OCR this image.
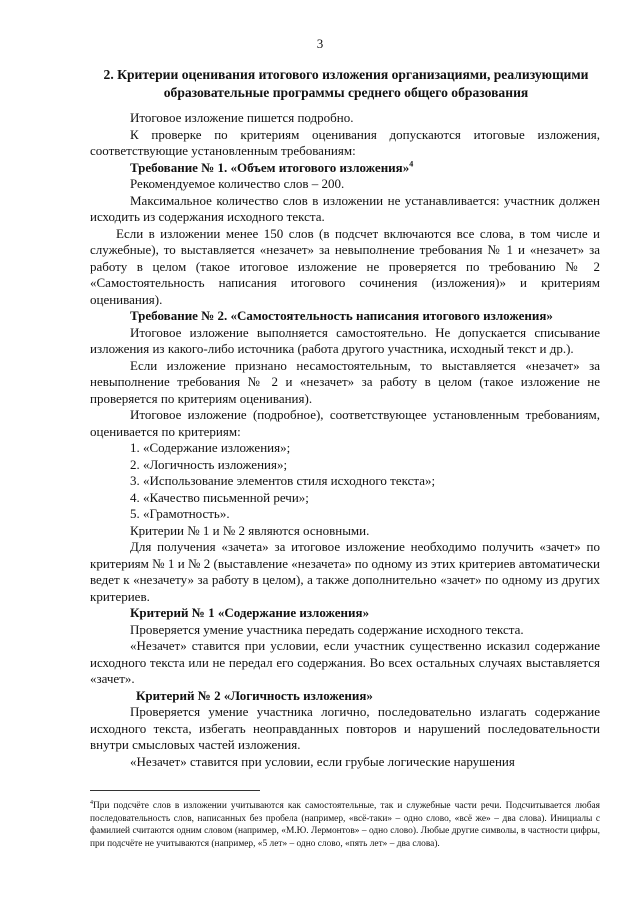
3
2. Критерии оценивания итогового изложения организациями, реализующими образовательные программы среднего общего образования

Итоговое изложение пишется подробно.

К проверке по критериям оценивания допускаются итоговые изложения, соответствующие установленным требованиям:

Требование № 1. «Объем итогового изложения»$^4$

Рекомендуемое количество слов – 200.

Максимальное количество слов в изложении не устанавливается: участник должен исходить из содержания исходного текста.

Если в изложении менее 150 слов (в подсчет включаются все слова, в том числе и служебные), то выставляется «незачет» за невыполнение требования № 1 и «незачет» за работу в целом (такое итоговое изложение не проверяется по требованию № 2 «Самостоятельность написания итогового сочинения (изложения)» и критериям оценивания).

Требование № 2. «Самостоятельность написания итогового изложения»

Итоговое изложение выполняется самостоятельно. Не допускается списывание изложения из какого-либо источника (работа другого участника, исходный текст и др.).

Если изложение признано несамостоятельным, то выставляется «незачет» за невыполнение требования № 2 и «незачет» за работу в целом (такое изложение не проверяется по критериям оценивания).

Итоговое изложение (подробное), соответствующее установленным требованиям, оценивается по критериям:

1. «Содержание изложения»;

2. «Логичность изложения»;

3. «Использование элементов стиля исходного текста»;

4. «Качество письменной речи»;

5. «Грамотность».

Критерии № 1 и № 2 являются основными.

Для получения «зачета» за итоговое изложение необходимо получить «зачет» по критериям № 1 и № 2 (выставление «незачета» по одному из этих критериев автоматически ведет к «незачету» за работу в целом), а также дополнительно «зачет» по одному из других критериев.

Критерий № 1 «Содержание изложения»

Проверяется умение участника передать содержание исходного текста.

«Незачет» ставится при условии, если участник существенно исказил содержание исходного текста или не передал его содержания. Во всех остальных случаях выставляется «зачет».

Критерий № 2 «Логичность изложения»

Проверяется умение участника логично, последовательно излагать содержание исходного текста, избегать неоправданных повторов и нарушений последовательности внутри смысловых частей изложения.

«Незачет» ставится при условии, если грубые логические нарушения

$^4$При подсчёте слов в изложении учитываются как самостоятельные, так и служебные части речи. Подсчитывается любая последовательность слов, написанных без пробела (например, «всё-таки» – одно слово, «всё же» – два слова). Инициалы с фамилией считаются одним словом (например, «М.Ю. Лермонтов» – одно слово). Любые другие символы, в частности цифры, при подсчёте не учитываются (например, «5 лет» – одно слово, «пять лет» – два слова).
